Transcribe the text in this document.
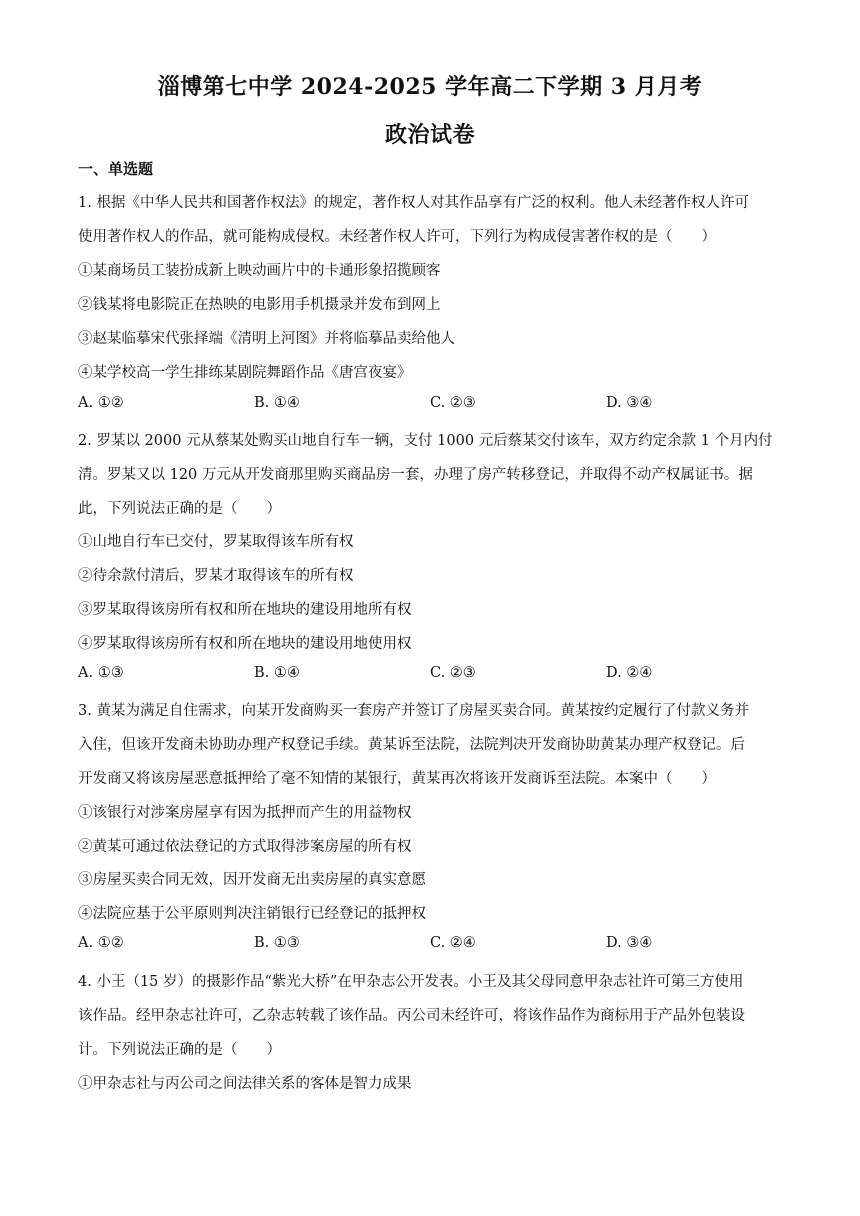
淄博第七中学 2024-2025 学年高二下学期 3 月月考
政治试卷
一、单选题
1. 根据《中华人民共和国著作权法》的规定，著作权人对其作品享有广泛的权利。他人未经著作权人许可
使用著作权人的作品，就可能构成侵权。未经著作权人许可，下列行为构成侵害著作权的是（　　）
①某商场员工装扮成新上映动画片中的卡通形象招揽顾客
②钱某将电影院正在热映的电影用手机摄录并发布到网上
③赵某临摹宋代张择端《清明上河图》并将临摹品卖给他人
④某学校高一学生排练某剧院舞蹈作品《唐宫夜宴》
A. ①②	B. ①④	C. ②③	D. ③④
2. 罗某以 2000 元从蔡某处购买山地自行车一辆，支付 1000 元后蔡某交付该车，双方约定余款 1 个月内付
清。罗某又以 120 万元从开发商那里购买商品房一套，办理了房产转移登记，并取得不动产权属证书。据
此，下列说法正确的是（　　）
①山地自行车已交付，罗某取得该车所有权
②待余款付清后，罗某才取得该车的所有权
③罗某取得该房所有权和所在地块的建设用地所有权
④罗某取得该房所有权和所在地块的建设用地使用权
A. ①③	B. ①④	C. ②③	D. ②④
3. 黄某为满足自住需求，向某开发商购买一套房产并签订了房屋买卖合同。黄某按约定履行了付款义务并
入住，但该开发商未协助办理产权登记手续。黄某诉至法院，法院判决开发商协助黄某办理产权登记。后
开发商又将该房屋恶意抵押给了毫不知情的某银行，黄某再次将该开发商诉至法院。本案中（　　）
①该银行对涉案房屋享有因为抵押而产生的用益物权
②黄某可通过依法登记的方式取得涉案房屋的所有权
③房屋买卖合同无效，因开发商无出卖房屋的真实意愿
④法院应基于公平原则判决注销银行已经登记的抵押权
A. ①②	B. ①③	C. ②④	D. ③④
4. 小王（15 岁）的摄影作品“紫光大桥”在甲杂志公开发表。小王及其父母同意甲杂志社许可第三方使用
该作品。经甲杂志社许可，乙杂志转载了该作品。丙公司未经许可，将该作品作为商标用于产品外包装设
计。下列说法正确的是（　　）
①甲杂志社与丙公司之间法律关系的客体是智力成果
